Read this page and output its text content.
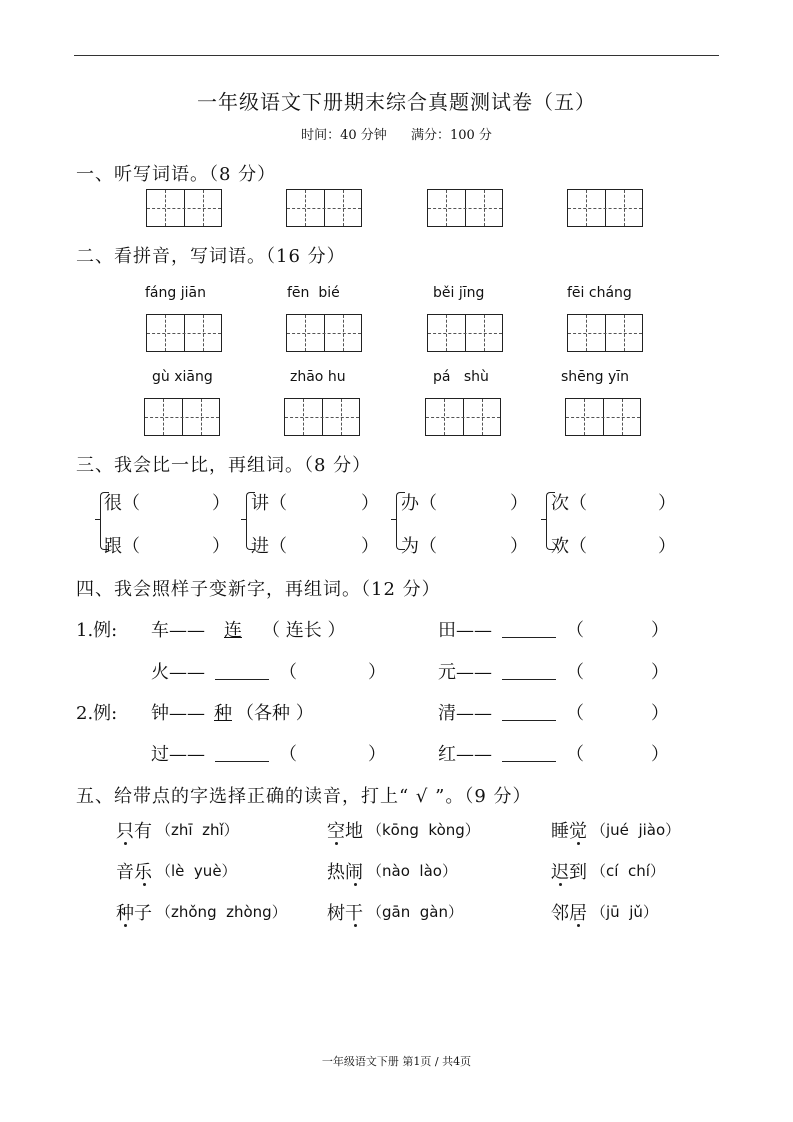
一年级语文下册期末综合真题测试卷（五）
时间：40 分钟 满分：100 分
一、听写词语。（8 分）
二、看拼音，写词语。（16 分）
fáng jiān	fēn  bié	běi jīng	fēi cháng
gù xiāng	zhāo hu	pá   shù	shēng yīn
三、我会比一比，再组词。（8 分）
很（	）
跟（	）
讲（	）
进（	）
办（	）
为（	）
次（	）
欢（	）
四、我会照样子变新字，再组词。（12 分）
1.例: 车—— 连 （ 连长 ）	田——	（	）
火——	（	）	元——	（	）
2.例: 钟—— 种 （各种 ）	清——	（	）
过——	（	）	红——	（	）
五、给带点的字选择正确的读音，打上“ √ ”。（9 分）
只有 （zhī  zhǐ）	空地 （kōng  kòng）	睡觉 （jué  jiào）
音乐 （lè  yuè）	热闹 （nào  lào）	迟到 （cí  chí）
种子 （zhǒng  zhòng） 树干 （gān  gàn）	邻居 （jū  jǔ）
一年级语文下册 第1页 / 共4页
